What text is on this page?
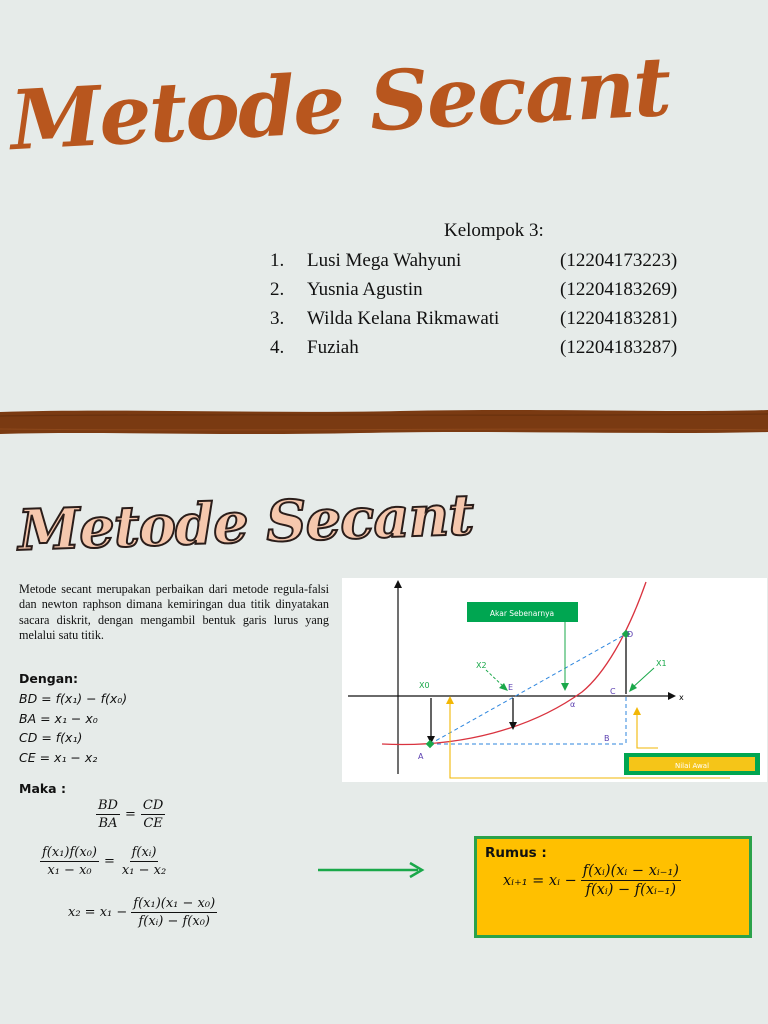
Metode Secant
Kelompok 3:
1. Lusi Mega Wahyuni	(12204173223)
2. Yusnia Agustin	(12204183269)
3. Wilda Kelana Rikmawati	(12204183281)
4. Fuziah	(12204183287)
Metode Secant
Metode secant merupakan perbaikan dari metode regula-falsi dan newton raphson dimana kemiringan dua titik dinyatakan sacara diskrit, dengan mengambil bentuk garis lurus yang melalui satu titik.
Dengan:
BD = f(x₁) − f(x₀)
BA = x₁ − x₀
CD = f(x₁)
CE = x₁ − x₂
Maka :
$\frac{BD}{BA} = \frac{CD}{CE}$
$\frac{\text{f(x₁)f(x₀)}}{\text{x₁ − x₀}} = \frac{\text{f(xᵢ)}}{\text{x₁ − x₂}}$
$x_2 = x_1 - \frac{\text{f(x₁)(x₁ − x₀)}}{\text{f(xᵢ) − f(x₀)}}$
x
Akar Sebenarnya
Nilai Awal
X0
X2	X1
A
B
C
D
E
α
Rumus :
xᵢ₊₁ = xᵢ − $\frac{\text{f(xᵢ)(xᵢ − xᵢ₋₁)}}{\text{f(xᵢ) − f(xᵢ₋₁)}}$
